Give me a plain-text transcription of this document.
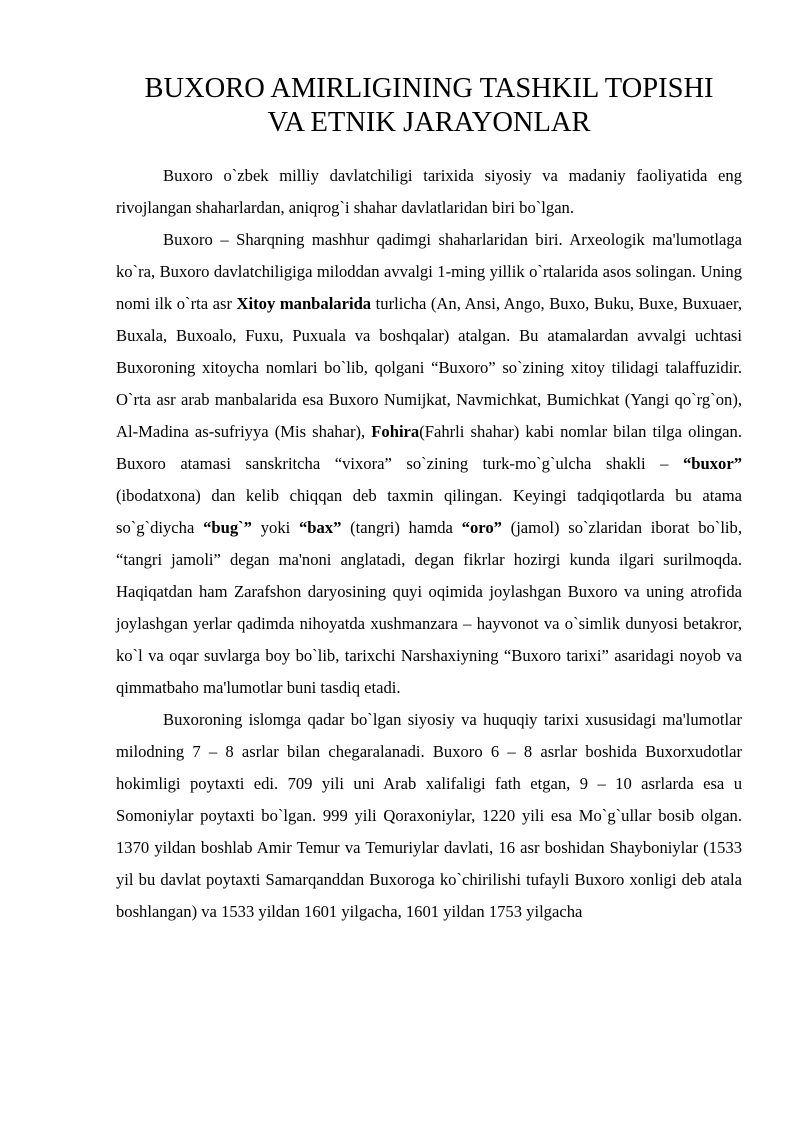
BUXORO AMIRLIGINING TASHKIL TOPISHI
VA ETNIK JARAYONLAR

Buxoro o`zbek milliy davlatchiligi tarixida siyosiy va madaniy faoliyatida eng rivojlangan shaharlardan, aniqrog`i shahar davlatlaridan biri bo`lgan.

Buxoro – Sharqning mashhur qadimgi shaharlaridan biri. Arxeologik ma'lumotlaga ko`ra, Buxoro davlatchiligiga miloddan avvalgi 1-ming yillik o`rtalarida asos solingan. Uning nomi ilk o`rta asr Xitoy manbalarida turlicha (An, Ansi, Ango, Buxo, Buku, Buxe, Buxuaer, Buxala, Buxoalo, Fuxu, Puxuala va boshqalar) atalgan. Bu atamalardan avvalgi uchtasi Buxoroning xitoycha nomlari bo`lib, qolgani “Buxoro” so`zining xitoy tilidagi talaffuzidir. O`rta asr arab manbalarida esa Buxoro Numijkat, Navmichkat, Bumichkat (Yangi qo`rg`on), Al-Madina as-sufriyya (Mis shahar), Fohira(Fahrli shahar) kabi nomlar bilan tilga olingan. Buxoro atamasi sanskritcha “vixora” so`zining turk-mo`g`ulcha shakli – “buxor” (ibodatxona) dan kelib chiqqan deb taxmin qilingan. Keyingi tadqiqotlarda bu atama so`g`diycha “bug`” yoki “bax” (tangri) hamda “oro” (jamol) so`zlaridan iborat bo`lib, “tangri jamoli” degan ma'noni anglatadi, degan fikrlar hozirgi kunda ilgari surilmoqda. Haqiqatdan ham Zarafshon daryosining quyi oqimida joylashgan Buxoro va uning atrofida joylashgan yerlar qadimda nihoyatda xushmanzara – hayvonot va o`simlik dunyosi betakror, ko`l va oqar suvlarga boy bo`lib, tarixchi Narshaxiyning “Buxoro tarixi” asaridagi noyob va qimmatbaho ma'lumotlar buni tasdiq etadi.

Buxoroning islomga qadar bo`lgan siyosiy va huquqiy tarixi xususidagi ma'lumotlar milodning 7 – 8 asrlar bilan chegaralanadi. Buxoro 6 – 8 asrlar boshida Buxorxudotlar hokimligi poytaxti edi. 709 yili uni Arab xalifaligi fath etgan, 9 – 10 asrlarda esa u Somoniylar poytaxti bo`lgan. 999 yili Qoraxoniylar, 1220 yili esa Mo`g`ullar bosib olgan. 1370 yildan boshlab Amir Temur va Temuriylar davlati, 16 asr boshidan Shayboniylar (1533 yil bu davlat poytaxti Samarqanddan Buxoroga ko`chirilishi tufayli Buxoro xonligi deb atala boshlangan) va 1533 yildan 1601 yilgacha, 1601 yildan 1753 yilgacha
